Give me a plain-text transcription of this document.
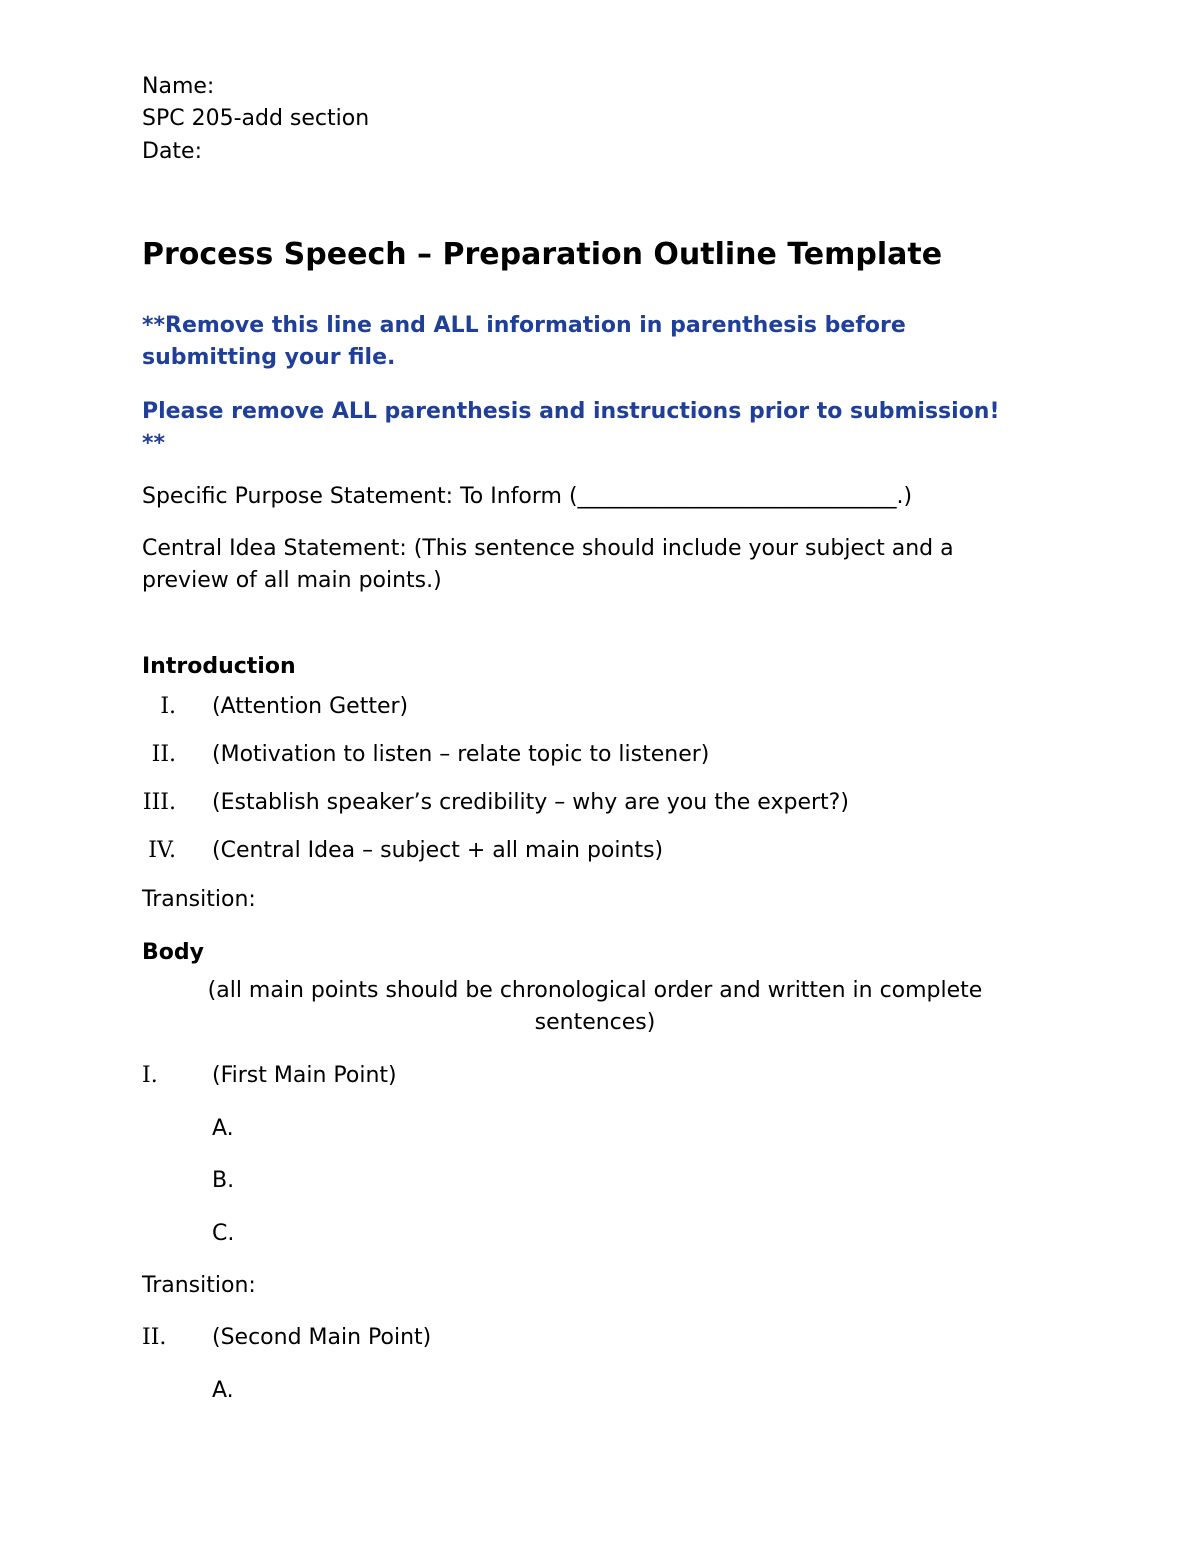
Name:
SPC 205-add section
Date:
Process Speech – Preparation Outline Template
**Remove this line and ALL information in parenthesis before
submitting your file.
Please remove ALL parenthesis and instructions prior to submission!
**
Specific Purpose Statement: To Inform (_____________________________.)
Central Idea Statement: (This sentence should include your subject and a
preview of all main points.)
Introduction
I. (Attention Getter)
II. (Motivation to listen – relate topic to listener)
III. (Establish speaker’s credibility – why are you the expert?)
IV. (Central Idea – subject + all main points)
Transition:
Body
(all main points should be chronological order and written in complete
sentences)
I. (First Main Point)
A.
B.
C.
Transition:
II. (Second Main Point)
A.
